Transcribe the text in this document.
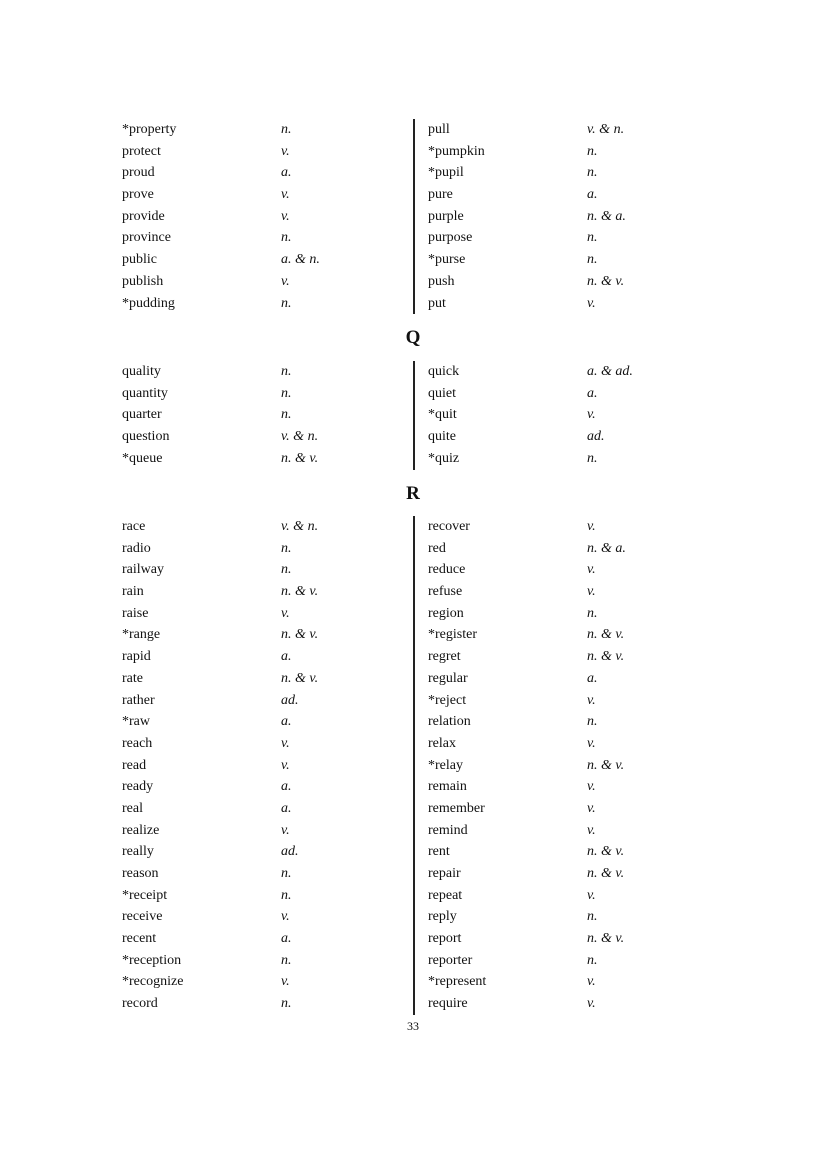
*property	n.
protect	v.
proud	a.
prove	v.
provide	v.
province	n.
public	a. & n.
publish	v.
*pudding	n.
pull	v. & n.
*pumpkin	n.
*pupil	n.
pure	a.
purple	n. & a.
purpose	n.
*purse	n.
push	n. & v.
put	v.
Q
quality	n.
quantity	n.
quarter	n.
question	v. & n.
*queue	n. & v.
quick	a. & ad.
quiet	a.
*quit	v.
quite	ad.
*quiz	n.
R
race	v. & n.
radio	n.
railway	n.
rain	n. & v.
raise	v.
*range	n. & v.
rapid	a.
rate	n. & v.
rather	ad.
*raw	a.
reach	v.
read	v.
ready	a.
real	a.
realize	v.
really	ad.
reason	n.
*receipt	n.
receive	v.
recent	a.
*reception	n.
*recognize	v.
record	n.
recover	v.
red	n. & a.
reduce	v.
refuse	v.
region	n.
*register	n. & v.
regret	n. & v.
regular	a.
*reject	v.
relation	n.
relax	v.
*relay	n. & v.
remain	v.
remember	v.
remind	v.
rent	n. & v.
repair	n. & v.
repeat	v.
reply	n.
report	n. & v.
reporter	n.
*represent	v.
require	v.
33
